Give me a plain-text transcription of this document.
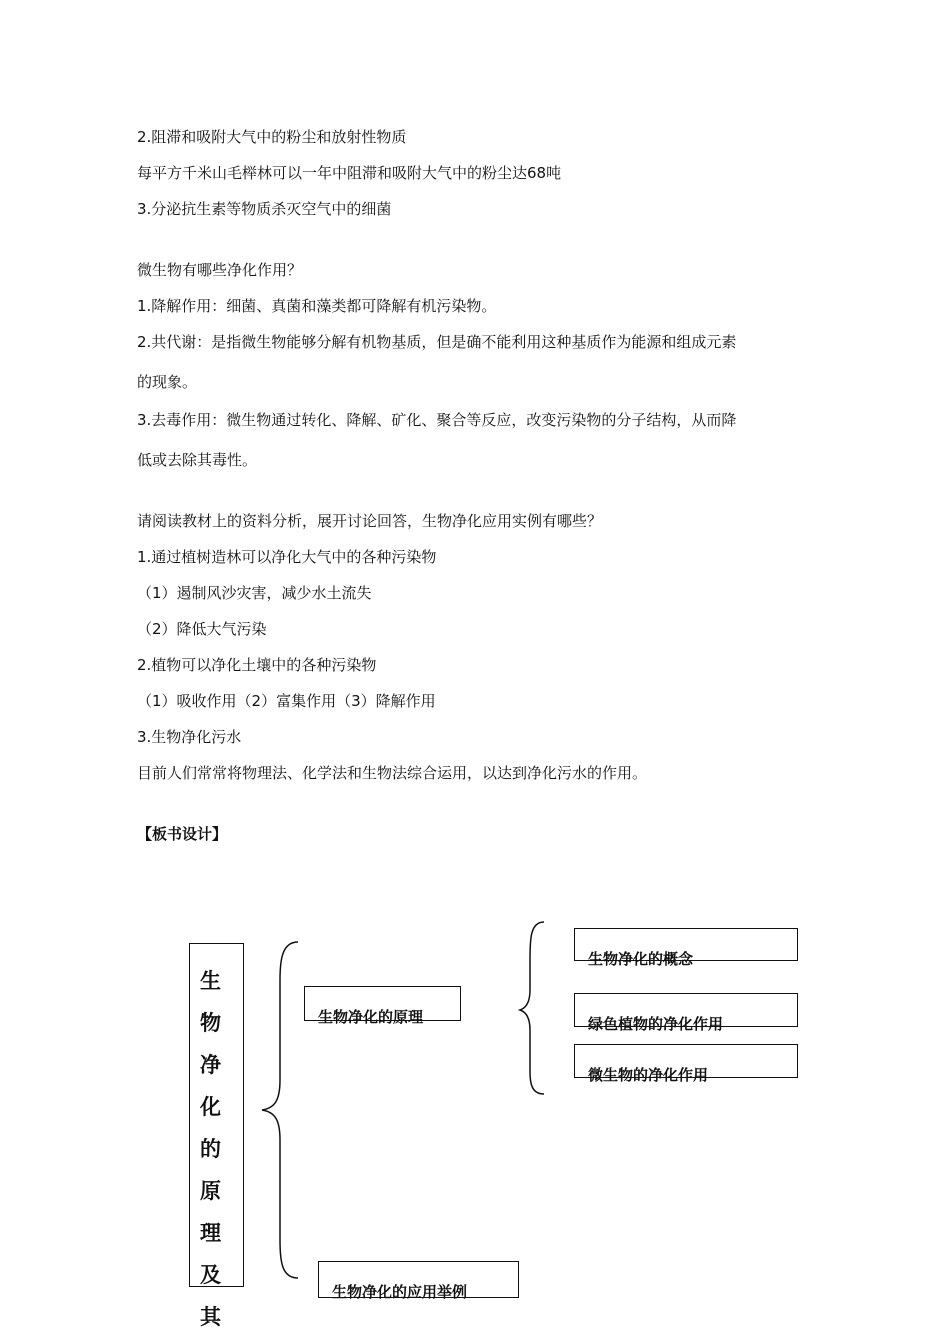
2.阻滞和吸附大气中的粉尘和放射性物质
每平方千米山毛榉林可以一年中阻滞和吸附大气中的粉尘达68吨
3.分泌抗生素等物质杀灭空气中的细菌
微生物有哪些净化作用？
1.降解作用：细菌、真菌和藻类都可降解有机污染物。
2.共代谢：是指微生物能够分解有机物基质，但是确不能利用这种基质作为能源和组成元素
的现象。
3.去毒作用：微生物通过转化、降解、矿化、聚合等反应，改变污染物的分子结构，从而降
低或去除其毒性。
请阅读教材上的资料分析，展开讨论回答，生物净化应用实例有哪些？
1.通过植树造林可以净化大气中的各种污染物
（1）遏制风沙灾害，减少水土流失
（2）降低大气污染
2.植物可以净化土壤中的各种污染物
（1）吸收作用（2）富集作用（3）降解作用
3.生物净化污水
目前人们常常将物理法、化学法和生物法综合运用，以达到净化污水的作用。
【板书设计】
生
物
净
化
的
原
理
及
其
生物净化的原理
生物净化的概念
绿色植物的净化作用
微生物的净化作用
生物净化的应用举例
